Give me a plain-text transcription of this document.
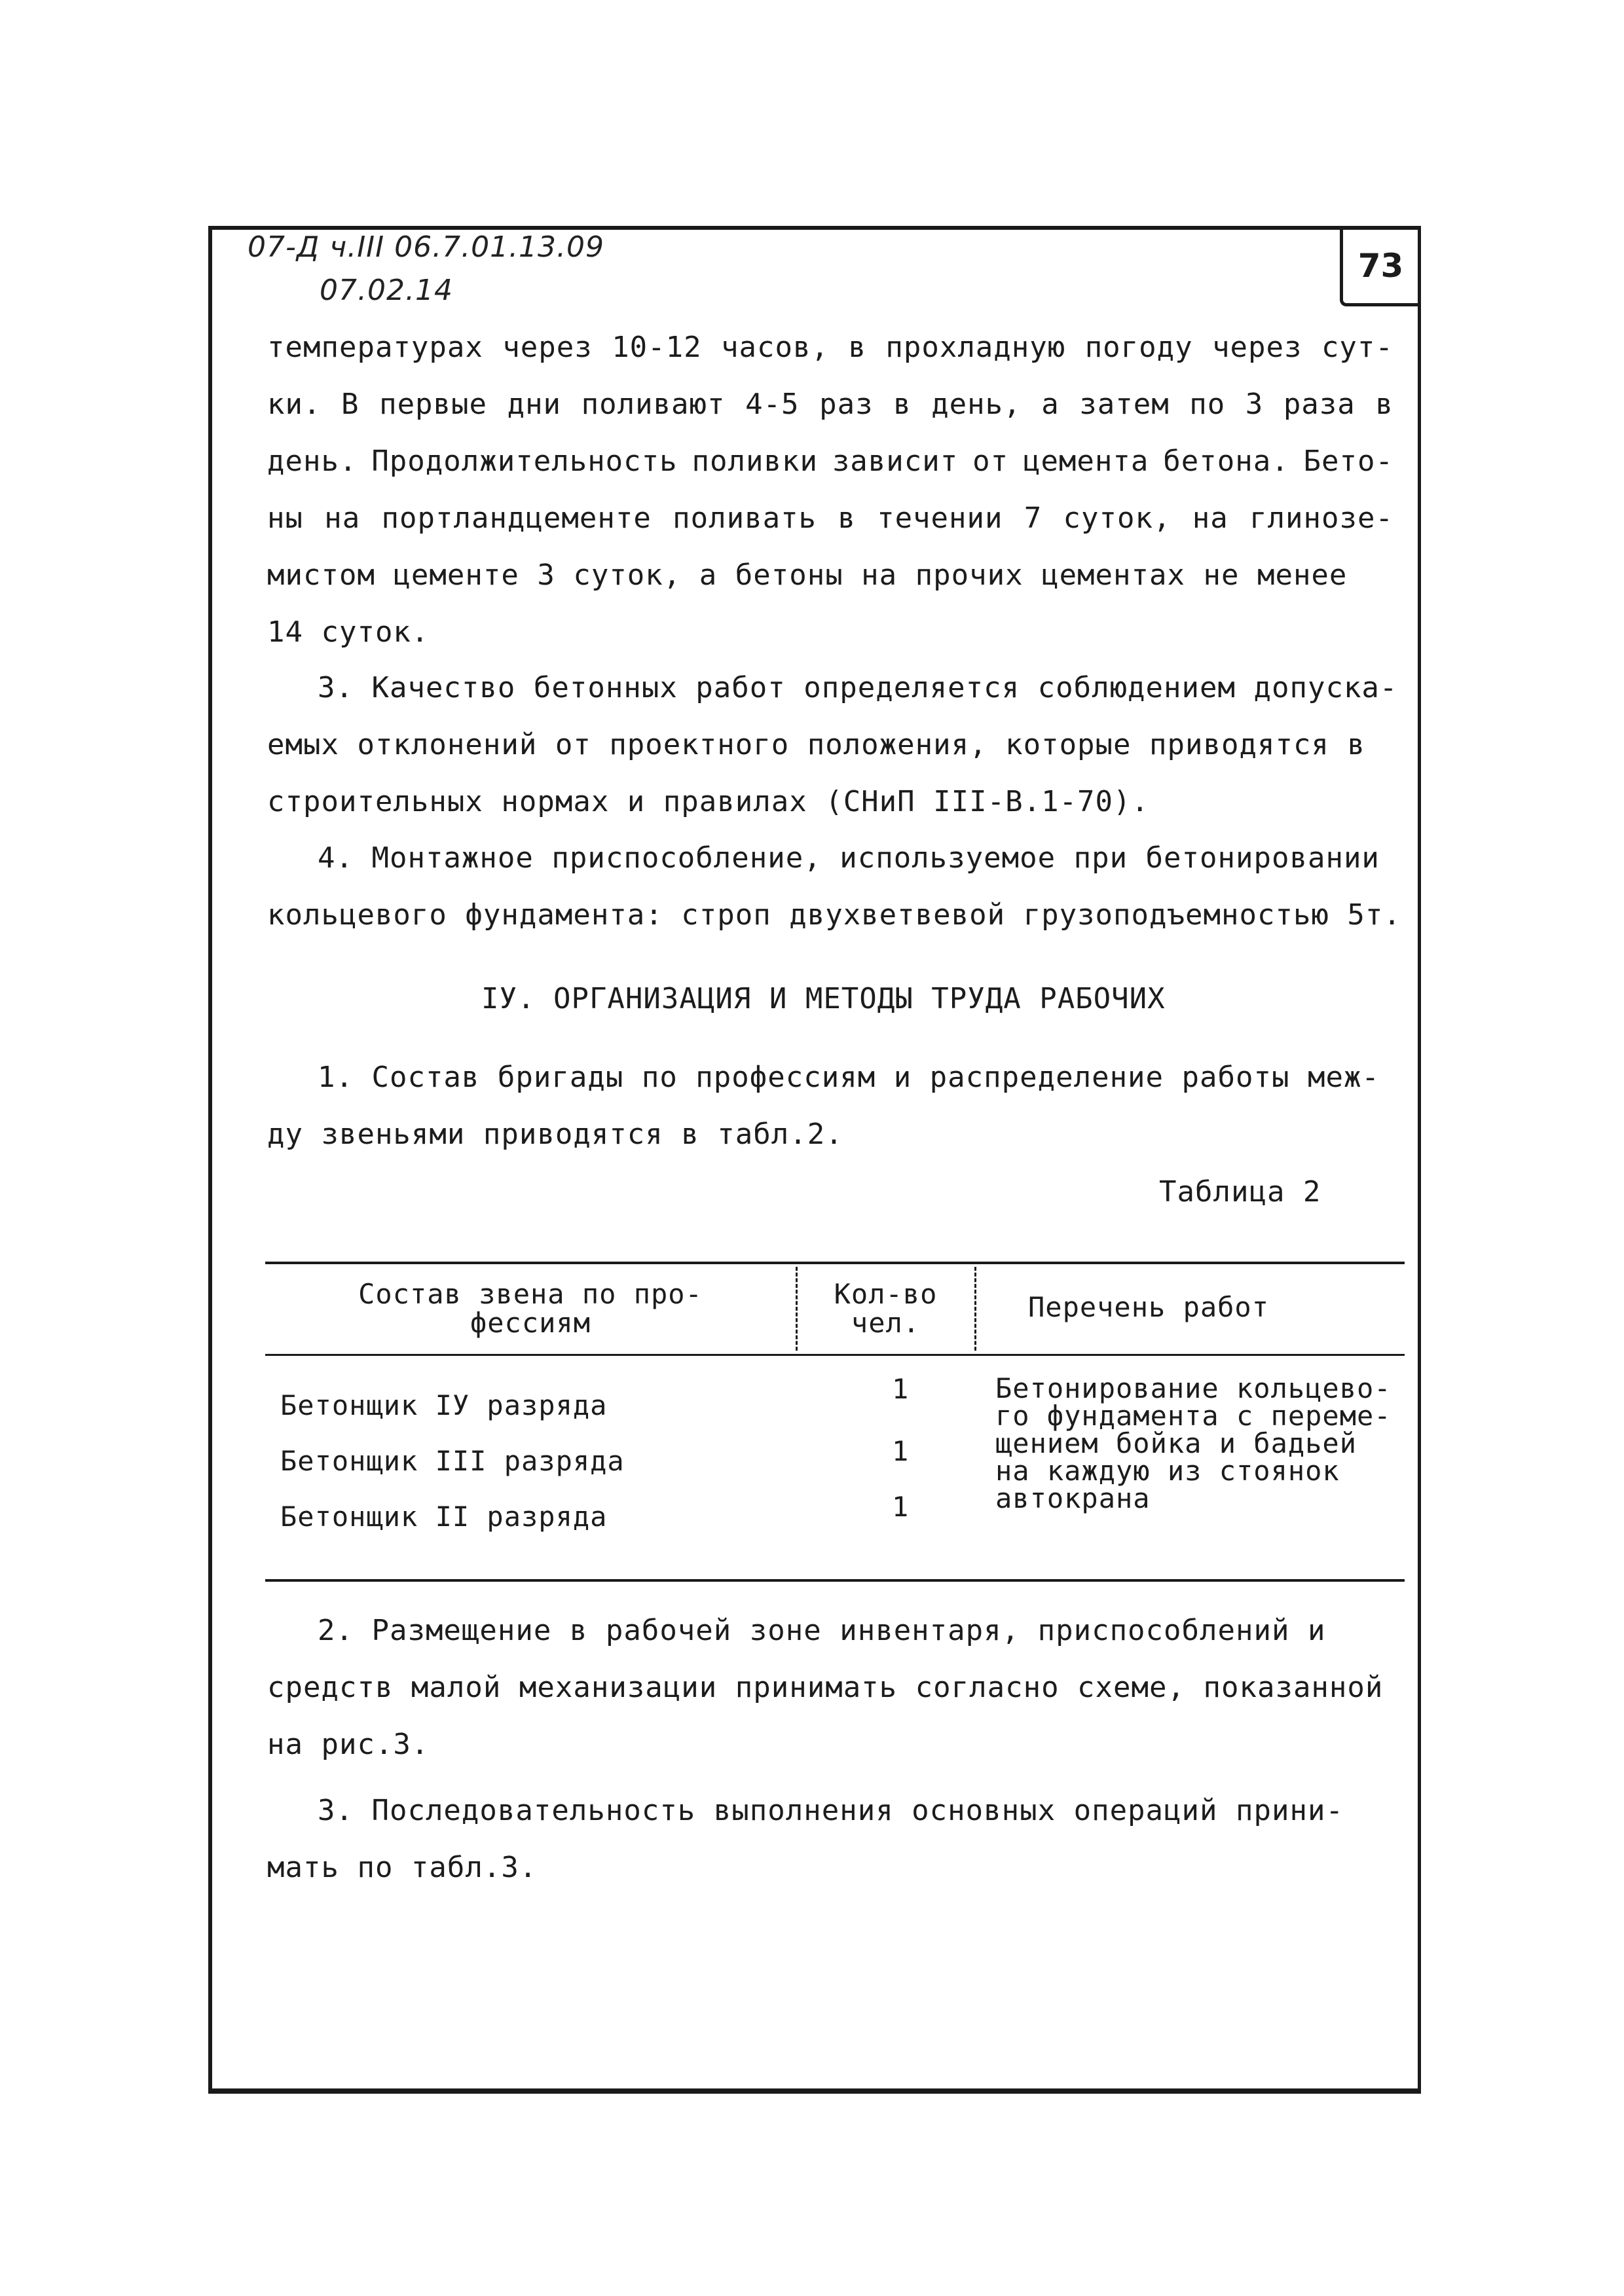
07-Д ч.III 06.7.01.13.09
07.02.14
73
температурах через 10-12 часов, в прохладную погоду через сут-
ки. В первые дни поливают 4-5 раз в день, а затем по 3 раза в
день. Продолжительность поливки зависит от цемента бетона. Бето-
ны на портландцементе поливать в течении 7 суток, на глинозе-
мистом цементе 3 суток, а бетоны на прочих цементах не менее
14 суток.
3. Качество бетонных работ определяется соблюдением допуска-
емых отклонений от проектного положения, которые приводятся в
строительных нормах и правилах (СНиП III-В.1-70).
4. Монтажное приспособление, используемое при бетонировании
кольцевого фундамента: строп двухветвевой грузоподъемностью 5т.
IУ. ОРГАНИЗАЦИЯ И МЕТОДЫ ТРУДА РАБОЧИХ
1. Состав бригады по профессиям и распределение работы меж-
ду звеньями приводятся в табл.2.
Таблица 2
Состав звена по про-
фессиям
Кол-во
чел.	Перечень работ
Бетонщик IУ разряда
Бетонщик III разряда
Бетонщик II разряда
1
1
1
Бетонирование кольцево-
го фундамента с переме-
щением бойка и бадьей
на каждую из стоянок
автокрана
2. Размещение в рабочей зоне инвентаря, приспособлений и
средств малой механизации принимать согласно схеме, показанной
на рис.3.
3. Последовательность выполнения основных операций прини-
мать по табл.3.
